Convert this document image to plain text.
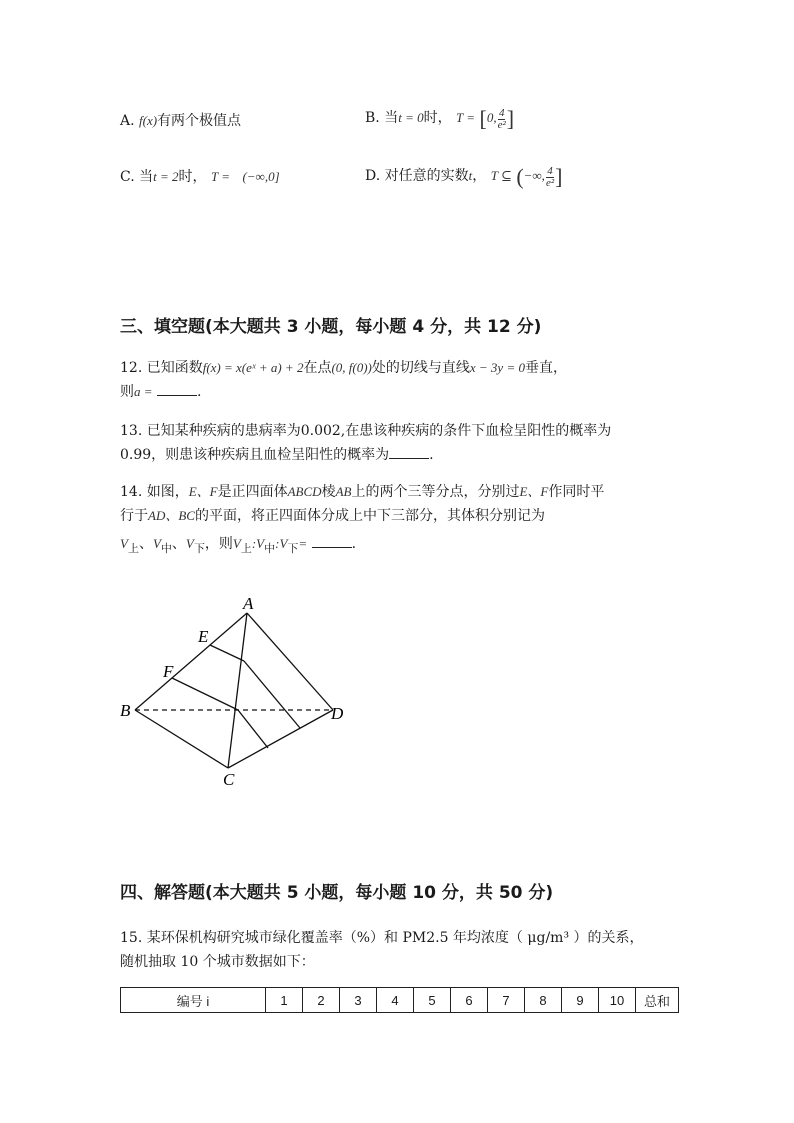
A. f(x)有两个极值点	B. 当t = 0时， T = [0, $\frac{4}{\text{e²}}$ ]
C. 当t = 2时， T = (−∞,0]	D. 对任意的实数t， T ⊆ (−∞, $\frac{4}{\text{e²}}$ ]
三、填空题(本大题共 3 小题，每小题 4 分，共 12 分)
12. 已知函数f(x) = x(eˣ + a) + 2在点(0, f(0))处的切线与直线x − 3y = 0垂直，
则a =	.
13. 已知某种疾病的患病率为0.002,在患该种疾病的条件下血检呈阳性的概率为
0.99，则患该种疾病且血检呈阳性的概率为	.
14. 如图，E、F是正四面体ABCD棱AB上的两个三等分点，分别过E、F作同时平
行于AD、BC的平面，将正四面体分成上中下三部分，其体积分别记为
$V_上$、$V_中$、$V_下$，则$V_上:V_中:V_下=$	.
A
E
F
B	D
C
四、解答题(本大题共 5 小题，每小题 10 分，共 50 分)
15. 某环保机构研究城市绿化覆盖率（%）和 PM2.5 年均浓度（ μg/m³ ）的关系，
随机抽取 10 个城市数据如下：
编号 i	1	2	3	4	5	6	7	8	9	10	总和
